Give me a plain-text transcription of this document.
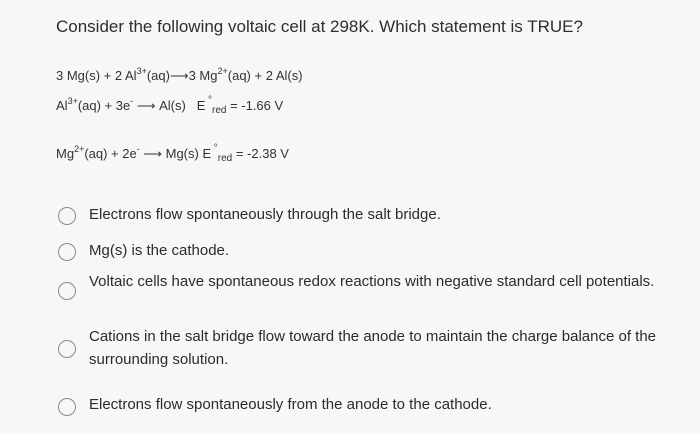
Consider the following voltaic cell at 298K. Which statement is TRUE?
3 Mg(s) + 2 $Al^{3+}(aq)⟶3$ $Mg^{2+}(aq) + 2$ Al(s)
$Al^{3+}(aq) + 3e^-$ ⟶ Al(s) E °$_{red}$ = -1.66 V
$Mg^{2+}(aq) + 2e^-$ ⟶ Mg(s) E °$_{red}$ = -2.38 V
Electrons flow spontaneously through the salt bridge.
Mg(s) is the cathode.
Voltaic cells have spontaneous redox reactions with negative standard cell potentials.
Cations in the salt bridge flow toward the anode to maintain the charge balance of the surrounding solution.
Electrons flow spontaneously from the anode to the cathode.
